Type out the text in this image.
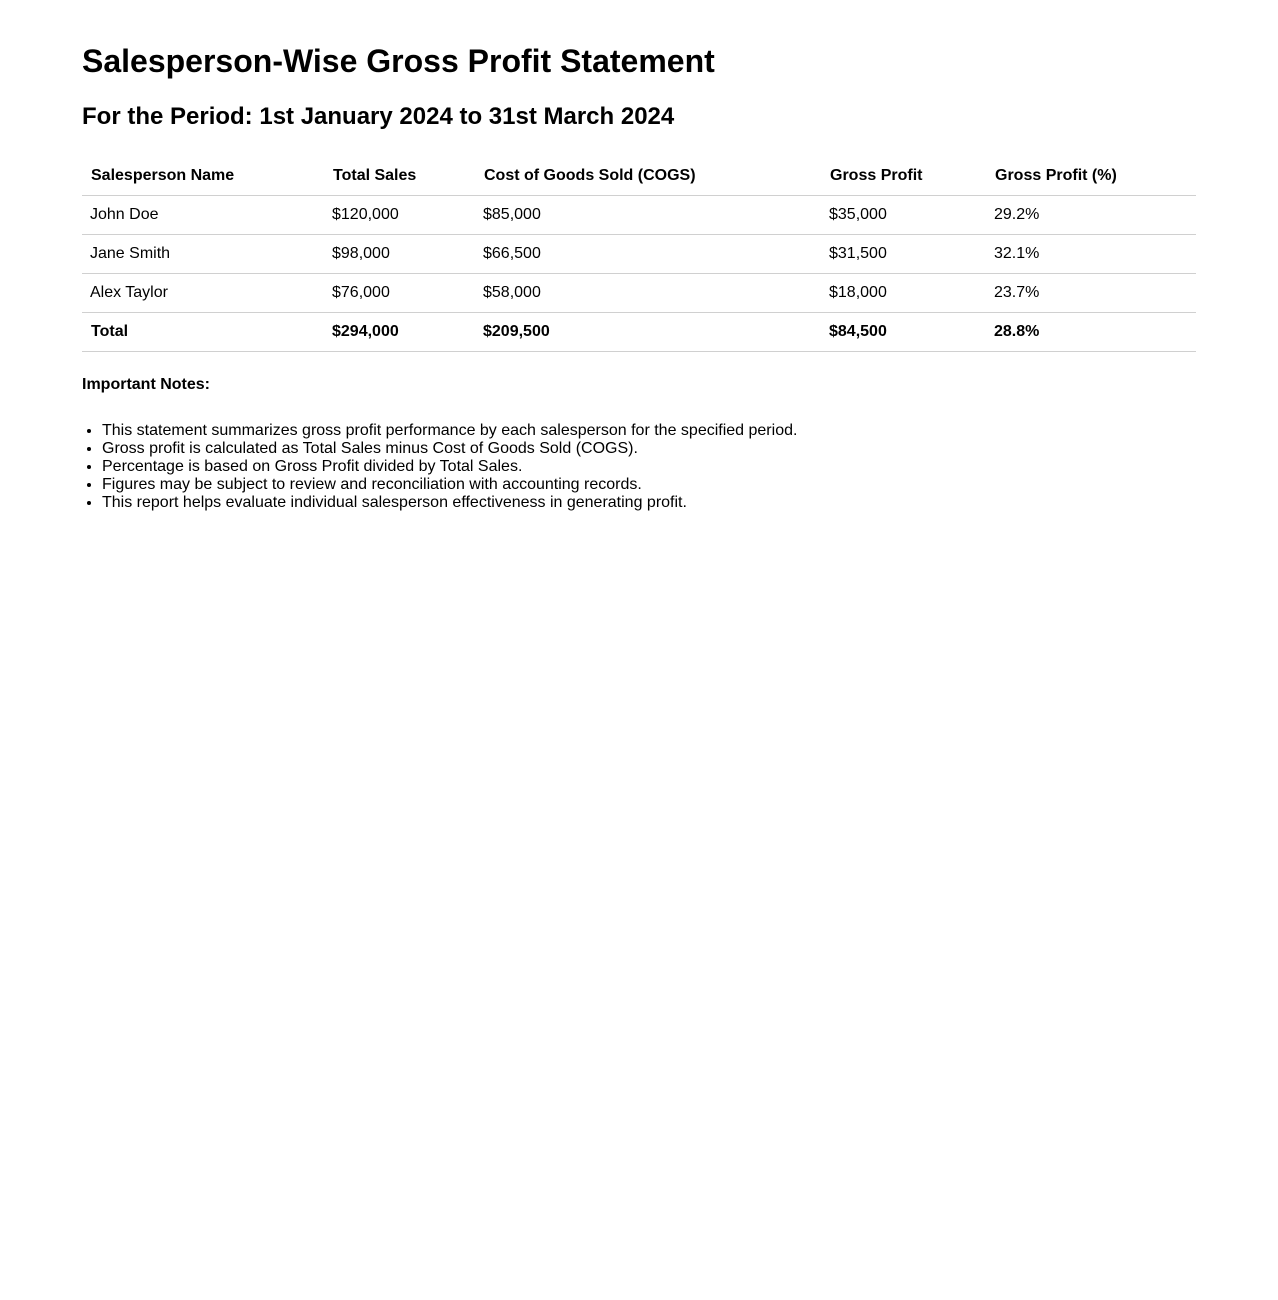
Salesperson-Wise Gross Profit Statement
For the Period: 1st January 2024 to 31st March 2024
Salesperson Name	Total Sales	Cost of Goods Sold (COGS)	Gross Profit	Gross Profit (%)
John Doe	$120,000	$85,000	$35,000	29.2%
Jane Smith	$98,000	$66,500	$31,500	32.1%
Alex Taylor	$76,000	$58,000	$18,000	23.7%
Total	$294,000	$209,500	$84,500	28.8%
Important Notes:
• This statement summarizes gross profit performance by each salesperson for the specified period.
• Gross profit is calculated as Total Sales minus Cost of Goods Sold (COGS).
• Percentage is based on Gross Profit divided by Total Sales.
• Figures may be subject to review and reconciliation with accounting records.
• This report helps evaluate individual salesperson effectiveness in generating profit.
